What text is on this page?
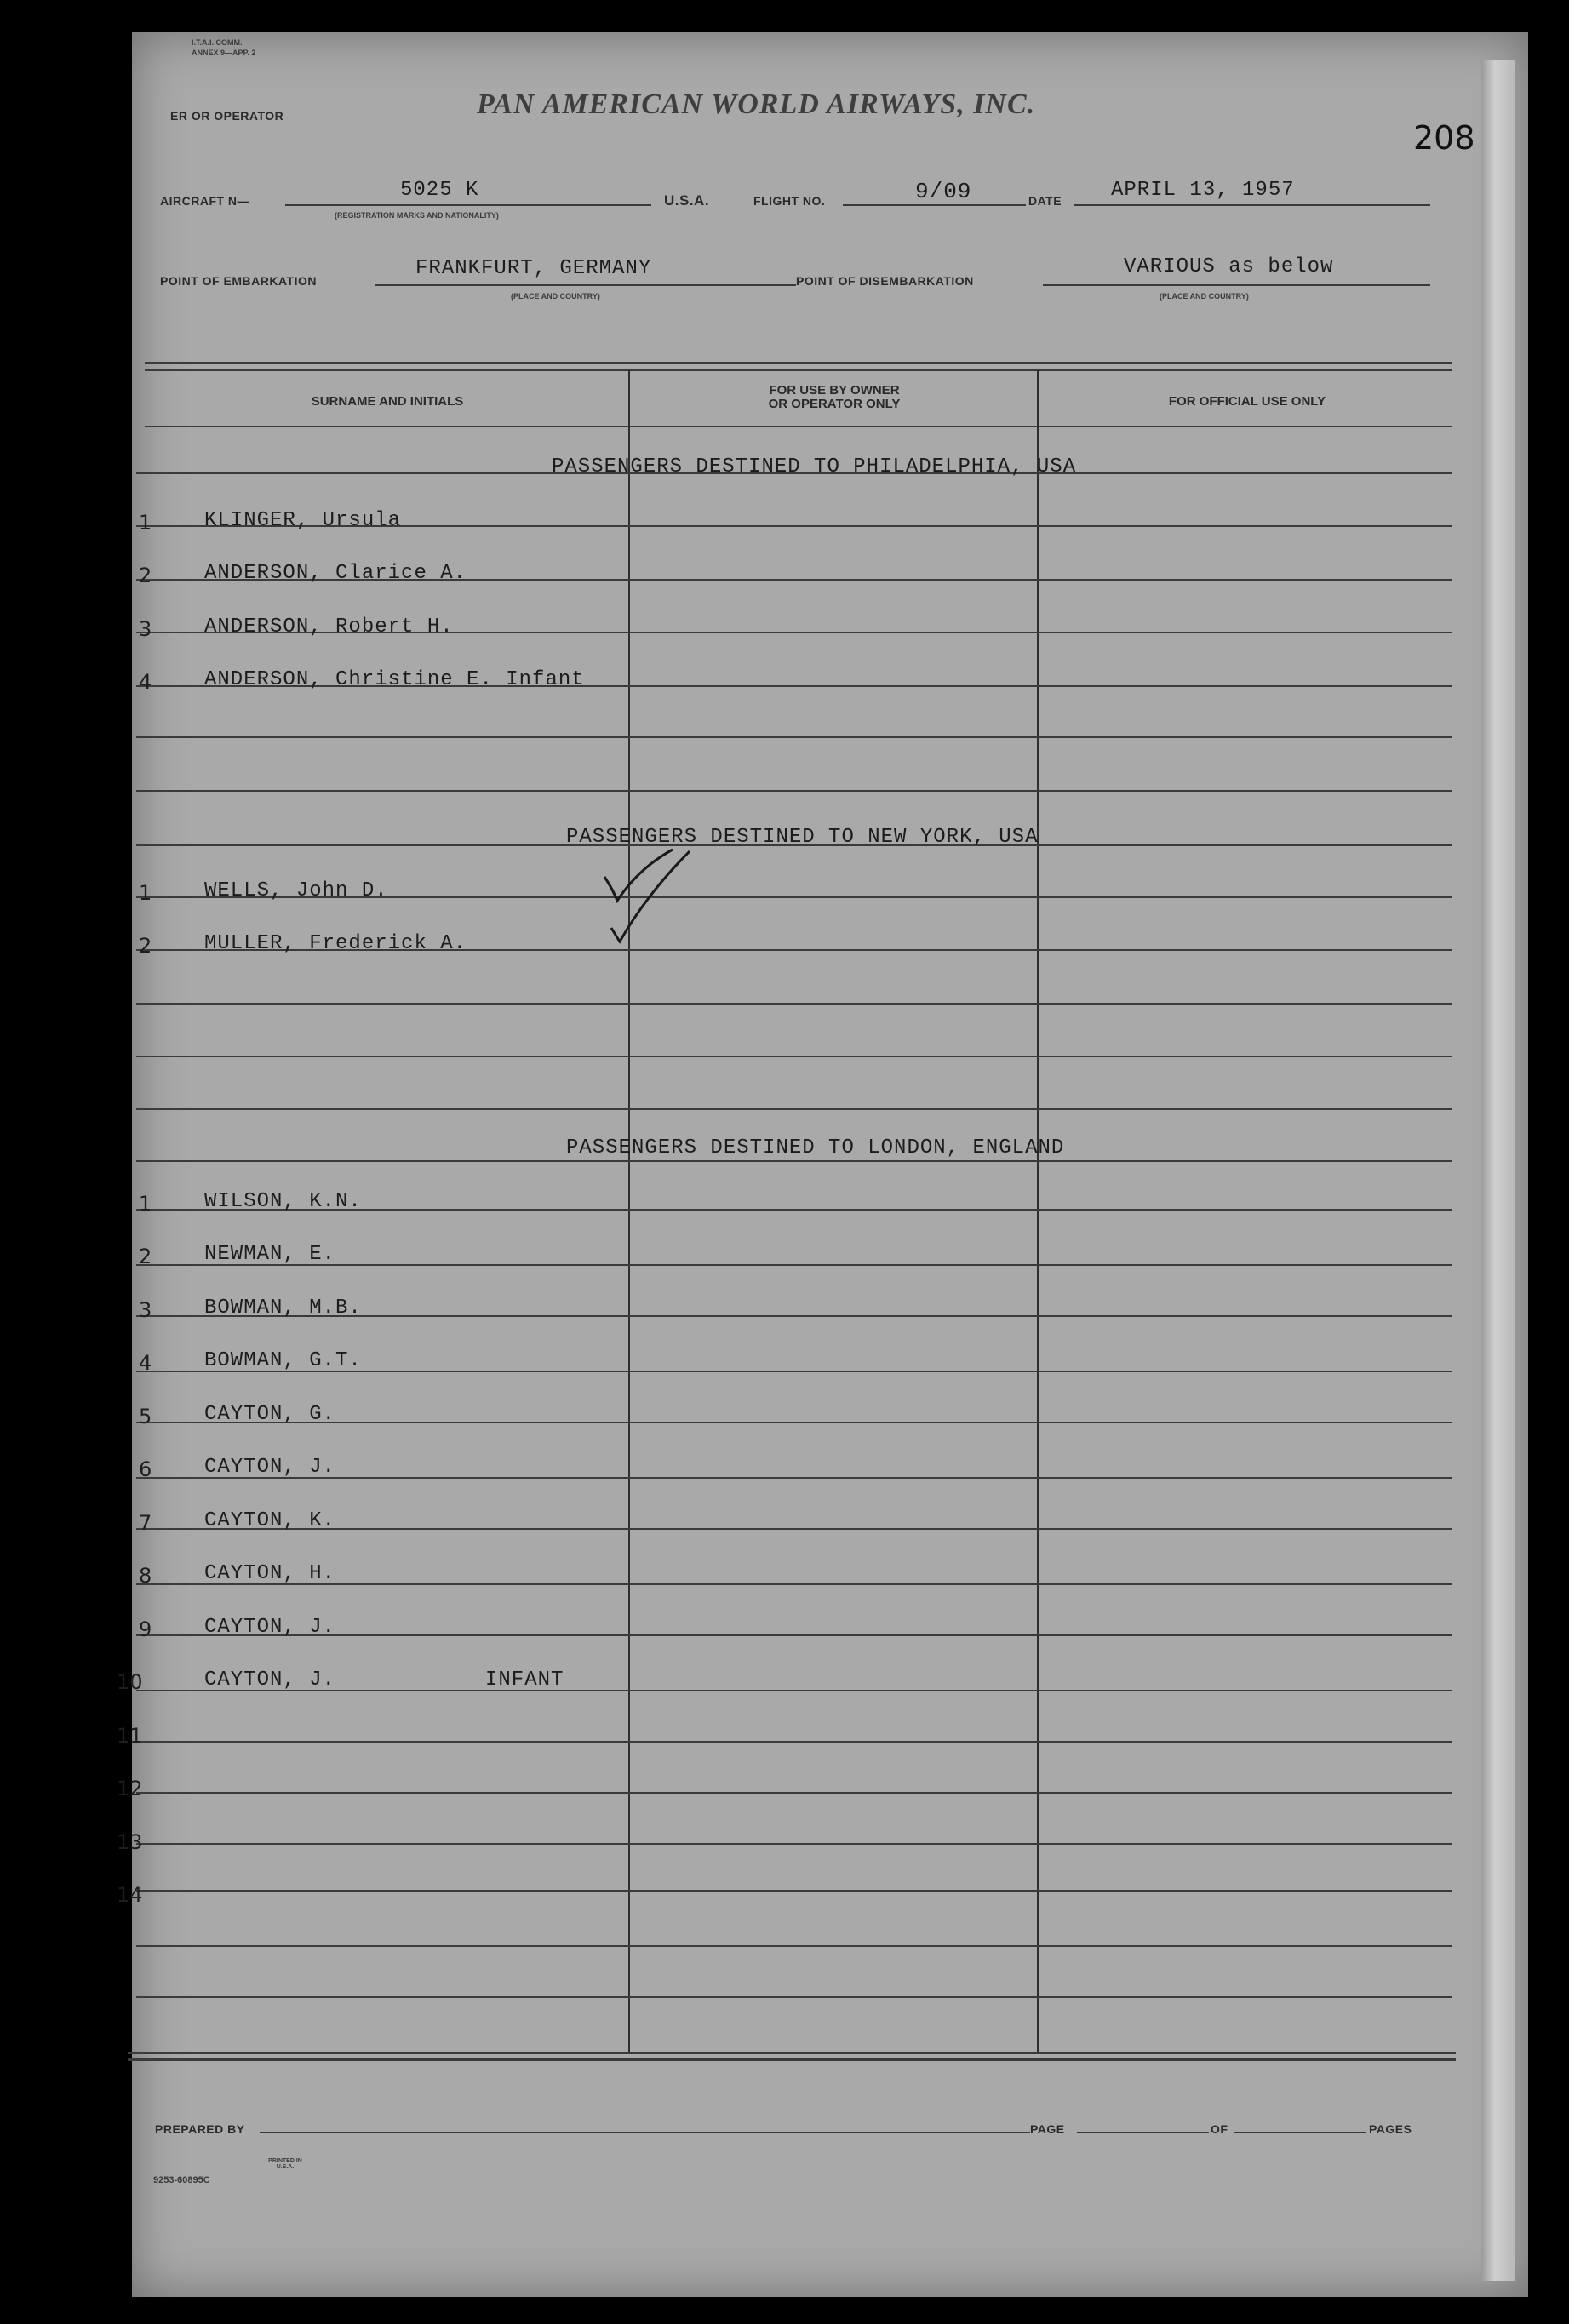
I.T.A.I. COMM.
ANNEX 9—APP. 2
ER OR OPERATOR	PAN AMERICAN WORLD AIRWAYS, INC.
208
AIRCRAFT N—	5025 K
(REGISTRATION MARKS AND NATIONALITY)
U.S.A.	FLIGHT NO.	9/09	DATE APRIL 13, 1957
POINT OF EMBARKATION
FRANKFURT, GERMANY
(PLACE AND COUNTRY)
POINT OF DISEMBARKATION
VARIOUS as below
(PLACE AND COUNTRY)
SURNAME AND INITIALS
FOR USE BY OWNER
OR OPERATOR ONLY	FOR OFFICIAL USE ONLY
PASSENGERS DESTINED TO PHILADELPHIA, USA
1	KLINGER, Ursula
2	ANDERSON, Clarice A.
3	ANDERSON, Robert H.
4	ANDERSON, Christine E. Infant
PASSENGERS DESTINED TO NEW YORK, USA
1	WELLS, John D.
2	MULLER, Frederick A.
PASSENGERS DESTINED TO LONDON, ENGLAND
1	WILSON, K.N.
2	NEWMAN, E.
3	BOWMAN, M.B.
4	BOWMAN, G.T.
5	CAYTON, G.
6	CAYTON, J.
7	CAYTON, K.
8	CAYTON, H.
9	CAYTON, J.
10	CAYTON, J.	INFANT
11
12
13
14
PREPARED BY	PAGE	OF	PAGES
9253-60895C
PRINTED IN U.S.A.
